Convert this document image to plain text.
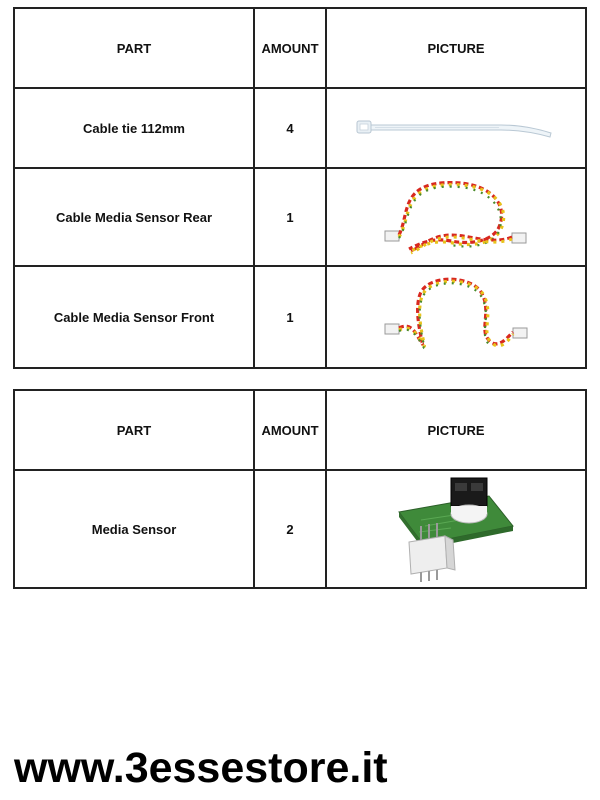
PART	AMOUNT	PICTURE
Cable tie 112mm	4	

Cable Media Sensor Rear	1	

Cable Media Sensor Front	1	
PART	AMOUNT	PICTURE
Media Sensor	2	
www.3essestore.it
